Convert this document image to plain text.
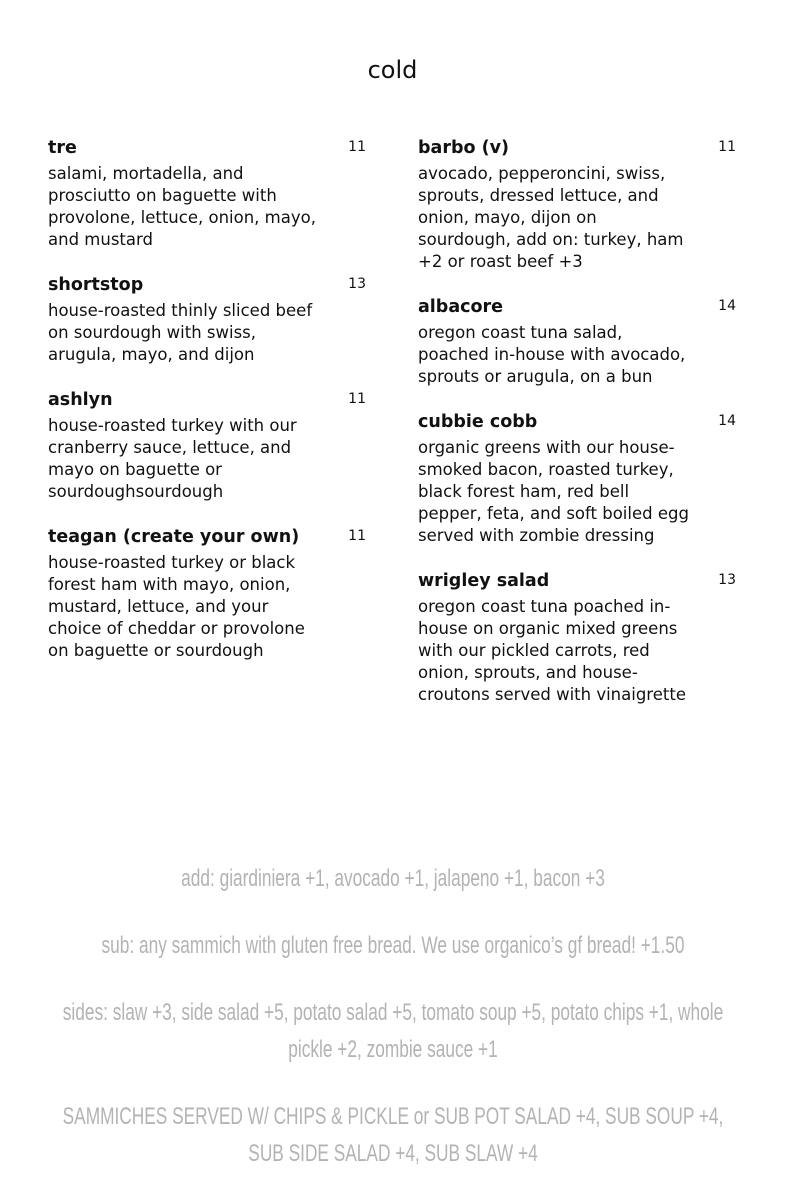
cold
tre	11
salami, mortadella, and prosciutto on baguette with provolone, lettuce, onion, mayo, and mustard
shortstop	13
house-roasted thinly sliced beef on sourdough with swiss, arugula, mayo, and dijon
ashlyn	11
house-roasted turkey with our cranberry sauce, lettuce, and mayo on baguette or sourdoughsourdough
teagan (create your own)	11
house-roasted turkey or black forest ham with mayo, onion, mustard, lettuce, and your choice of cheddar or provolone on baguette or sourdough
barbo (v)	11
avocado, pepperoncini, swiss, sprouts, dressed lettuce, and onion, mayo, dijon on sourdough, add on: turkey, ham +2 or roast beef +3
albacore	14
oregon coast tuna salad, poached in-house with avocado, sprouts or arugula, on a bun
cubbie cobb	14
organic greens with our house-smoked bacon, roasted turkey, black forest ham, red bell pepper, feta, and soft boiled egg served with zombie dressing
wrigley salad	13
oregon coast tuna poached in-house on organic mixed greens with our pickled carrots, red onion, sprouts, and house-croutons served with vinaigrette
add: giardiniera +1, avocado +1, jalapeno +1, bacon +3
sub: any sammich with gluten free bread. We use organico’s gf bread! +1.50
sides: slaw +3, side salad +5, potato salad +5, tomato soup +5, potato chips +1, whole pickle +2, zombie sauce +1
SAMMICHES SERVED W/ CHIPS & PICKLE or SUB POT SALAD +4, SUB SOUP +4, SUB SIDE SALAD +4, SUB SLAW +4
